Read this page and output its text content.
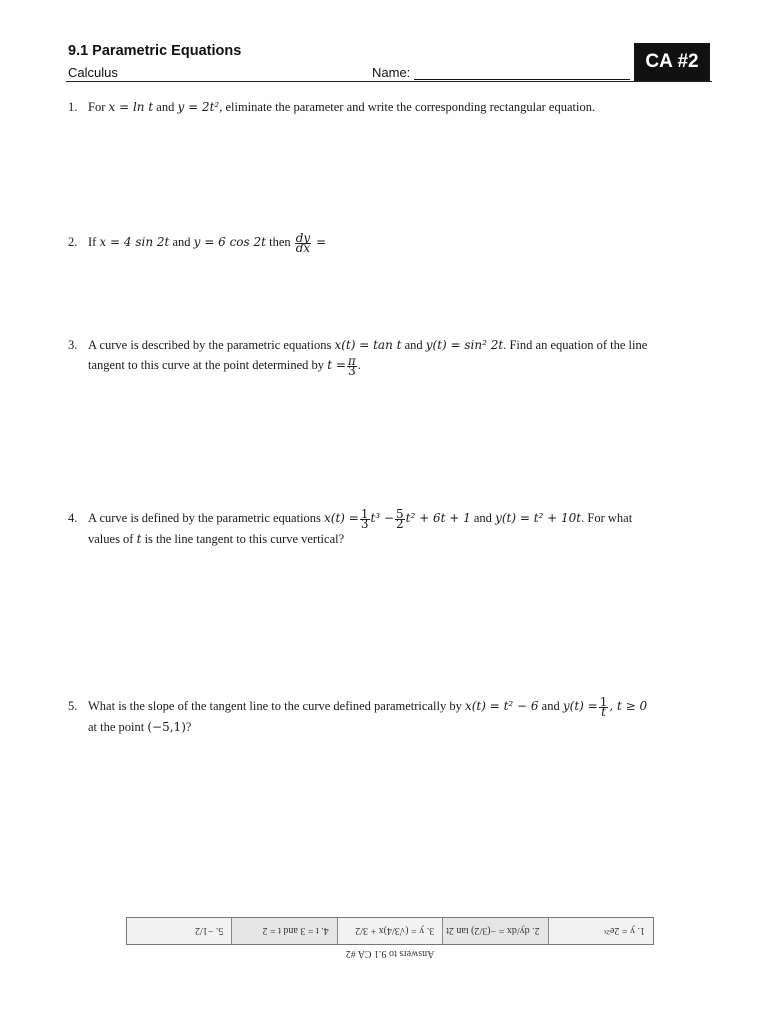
9.1 Parametric Equations
Calculus	Name:
CA #2
1. For x = ln t and y = 2t², eliminate the parameter and write the corresponding rectangular equation.
2. If x = 4 sin 2t and y = 6 cos 2t then $\frac{dy}{dx}$ =
3. A curve is described by the parametric equations x(t) = tan t and y(t) = sin² 2t. Find an equation of the line
tangent to this curve at the point determined by $t = \frac{\pi}{3}$ .
4. A curve is defined by the parametric equations $x(t) = \frac{1}{3} t^3 - \frac{5}{2} t^2 + 6t + 1$ and y(t) = t² + 10t. For what
values of t is the line tangent to this curve vertical?
5. What is the slope of the tangent line to the curve defined parametrically by x(t) = t² − 6 and $y(t) = \frac{1}{t}$ , t ≥ 0
at the point (−5,1)?
1. y = 2e²ˣ
2. dy/dx = −(3/2) tan 2t
3. y = (√3/4)x + 3/2
4. t = 3 and t = 2
5. −1/2
Answers to 9.1 CA #2
